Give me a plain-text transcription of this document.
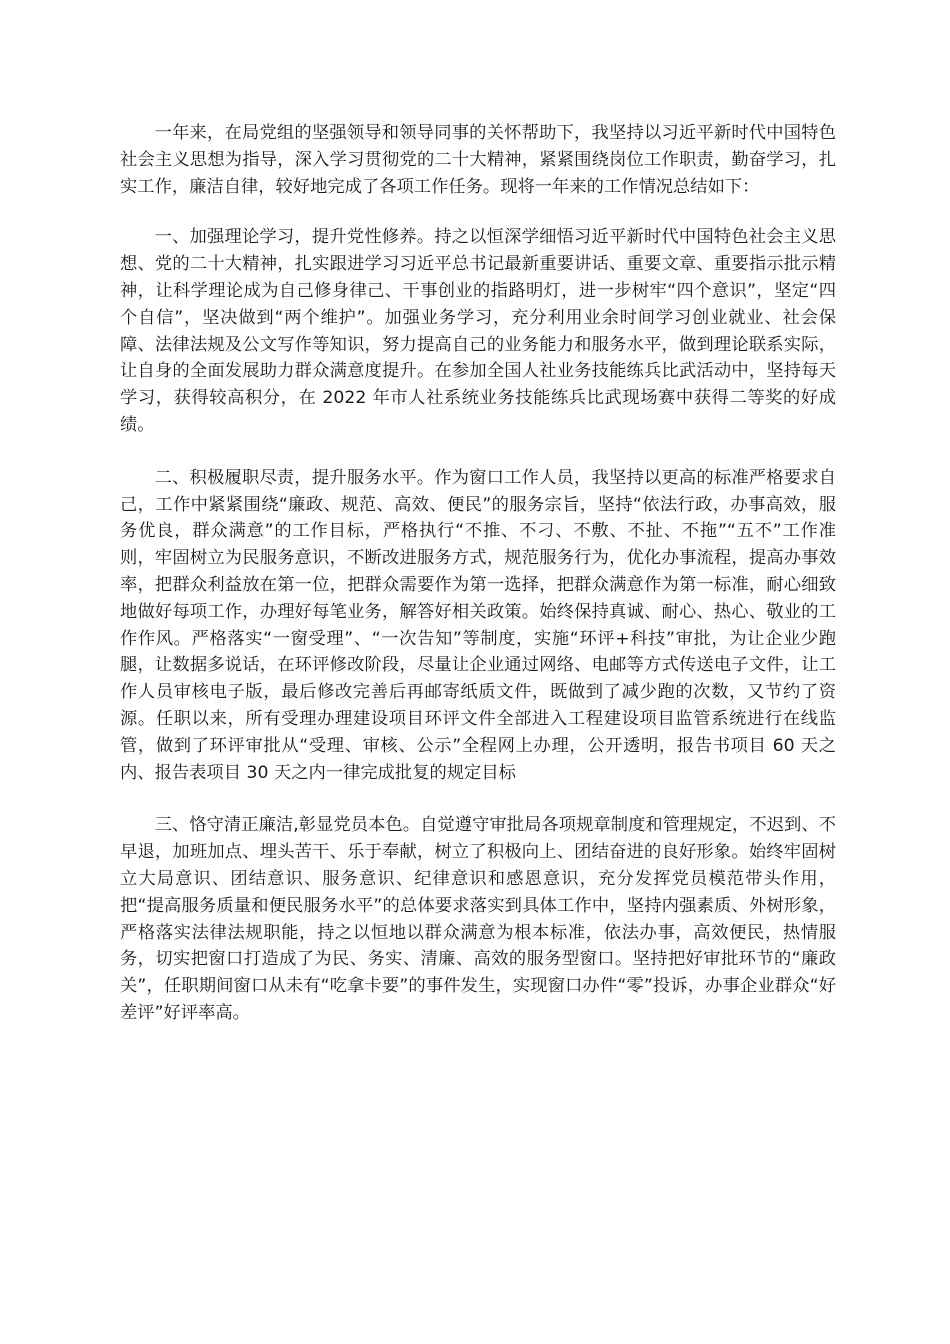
一年来，在局党组的坚强领导和领导同事的关怀帮助下，我坚持以习近平新时代中国特色社会主义思想为指导，深入学习贯彻党的二十大精神，紧紧围绕岗位工作职责，勤奋学习，扎实工作，廉洁自律，较好地完成了各项工作任务。现将一年来的工作情况总结如下：

一、加强理论学习，提升党性修养。持之以恒深学细悟习近平新时代中国特色社会主义思想、党的二十大精神，扎实跟进学习习近平总书记最新重要讲话、重要文章、重要指示批示精神，让科学理论成为自己修身律己、干事创业的指路明灯，进一步树牢“四个意识”，坚定“四个自信”，坚决做到“两个维护”。加强业务学习，充分利用业余时间学习创业就业、社会保障、法律法规及公文写作等知识，努力提高自己的业务能力和服务水平，做到理论联系实际，让自身的全面发展助力群众满意度提升。在参加全国人社业务技能练兵比武活动中，坚持每天学习，获得较高积分，在 2022 年市人社系统业务技能练兵比武现场赛中获得二等奖的好成绩。

二、积极履职尽责，提升服务水平。作为窗口工作人员，我坚持以更高的标准严格要求自己，工作中紧紧围绕“廉政、规范、高效、便民”的服务宗旨，坚持“依法行政，办事高效，服务优良，群众满意”的工作目标，严格执行“不推、不刁、不敷、不扯、不拖”“五不”工作准则，牢固树立为民服务意识，不断改进服务方式，规范服务行为，优化办事流程，提高办事效率，把群众利益放在第一位，把群众需要作为第一选择，把群众满意作为第一标准，耐心细致地做好每项工作，办理好每笔业务，解答好相关政策。始终保持真诚、耐心、热心、敬业的工作作风。严格落实“一窗受理”、“一次告知”等制度，实施“环评+科技”审批，为让企业少跑腿，让数据多说话，在环评修改阶段，尽量让企业通过网络、电邮等方式传送电子文件，让工作人员审核电子版，最后修改完善后再邮寄纸质文件，既做到了减少跑的次数，又节约了资源。任职以来，所有受理办理建设项目环评文件全部进入工程建设项目监管系统进行在线监管，做到了环评审批从“受理、审核、公示”全程网上办理，公开透明，报告书项目 60 天之内、报告表项目 30 天之内一律完成批复的规定目标

三、恪守清正廉洁,彰显党员本色。自觉遵守审批局各项规章制度和管理规定，不迟到、不早退，加班加点、埋头苦干、乐于奉献，树立了积极向上、团结奋进的良好形象。始终牢固树立大局意识、团结意识、服务意识、纪律意识和感恩意识，充分发挥党员模范带头作用，把“提高服务质量和便民服务水平”的总体要求落实到具体工作中，坚持内强素质、外树形象，严格落实法律法规职能，持之以恒地以群众满意为根本标准，依法办事，高效便民，热情服务，切实把窗口打造成了为民、务实、清廉、高效的服务型窗口。坚持把好审批环节的“廉政关”，任职期间窗口从未有“吃拿卡要”的事件发生，实现窗口办件“零”投诉，办事企业群众“好差评”好评率高。
